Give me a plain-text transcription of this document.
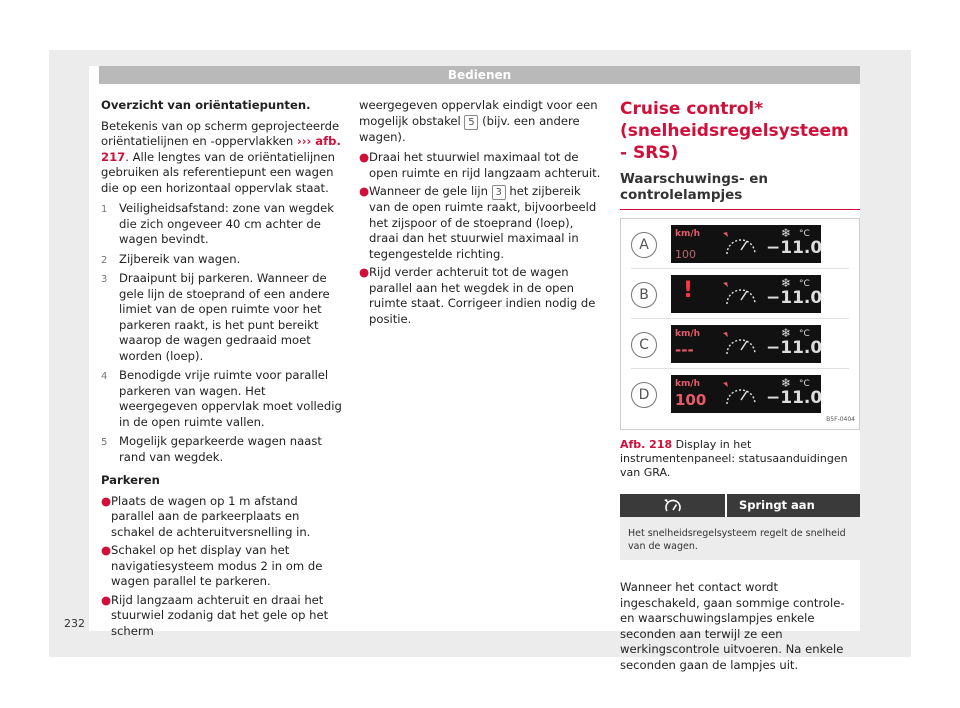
Bedienen

Overzicht van oriëntatiepunten.

Betekenis van op scherm geprojecteerde oriëntatielijnen en -oppervlakken ››› afb. 217. Alle lengtes van de oriëntatielijnen gebruiken als referentiepunt een wagen die op een horizontaal oppervlak staat.

1 Veiligheidsafstand: zone van wegdek die zich ongeveer 40 cm achter de wagen bevindt.
2 Zijbereik van wagen.
3 Draaipunt bij parkeren. Wanneer de gele lijn de stoeprand of een andere limiet van de open ruimte voor het parkeren raakt, is het punt bereikt waarop de wagen gedraaid moet worden (loep).
4 Benodigde vrije ruimte voor parallel parkeren van wagen. Het weergegeven oppervlak moet volledig in de open ruimte vallen.
5 Mogelijk geparkeerde wagen naast rand van wegdek.

Parkeren

● Plaats de wagen op 1 m afstand parallel aan de parkeerplaats en schakel de achteruitversnelling in.
● Schakel op het display van het navigatiesysteem modus 2 in om de wagen parallel te parkeren.
● Rijd langzaam achteruit en draai het stuurwiel zodanig dat het gele op het scherm

weergegeven oppervlak eindigt voor een mogelijk obstakel 5 (bijv. een andere wagen).

● Draai het stuurwiel maximaal tot de open ruimte en rijd langzaam achteruit.
● Wanneer de gele lijn 3 het zijbereik van de open ruimte raakt, bijvoorbeeld het zijspoor of de stoeprand (loep), draai dan het stuurwiel maximaal in tegengestelde richting.
● Rijd verder achteruit tot de wagen parallel aan het wegdek in de open ruimte staat. Corrigeer indien nodig de positie.
Cruise control* (snelheidsregelsysteem - SRS)
Waarschuwings- en controlelampjes
A
km/h
100
❄ °C
−11.0
B	!	❄ °C
−11.0
C
km/h
---
❄ °C
−11.0
D
km/h
100
❄ °C
−11.0
B5F-0404
Afb. 218 Display in het instrumentenpaneel: statusaanduidingen van GRA.
Springt aan
Het snelheidsregelsysteem regelt de snelheid van de wagen.

Wanneer het contact wordt ingeschakeld, gaan sommige controle- en waarschuwingslampjes enkele seconden aan terwijl ze een werkingscontrole uitvoeren. Na enkele seconden gaan de lampjes uit.

232
